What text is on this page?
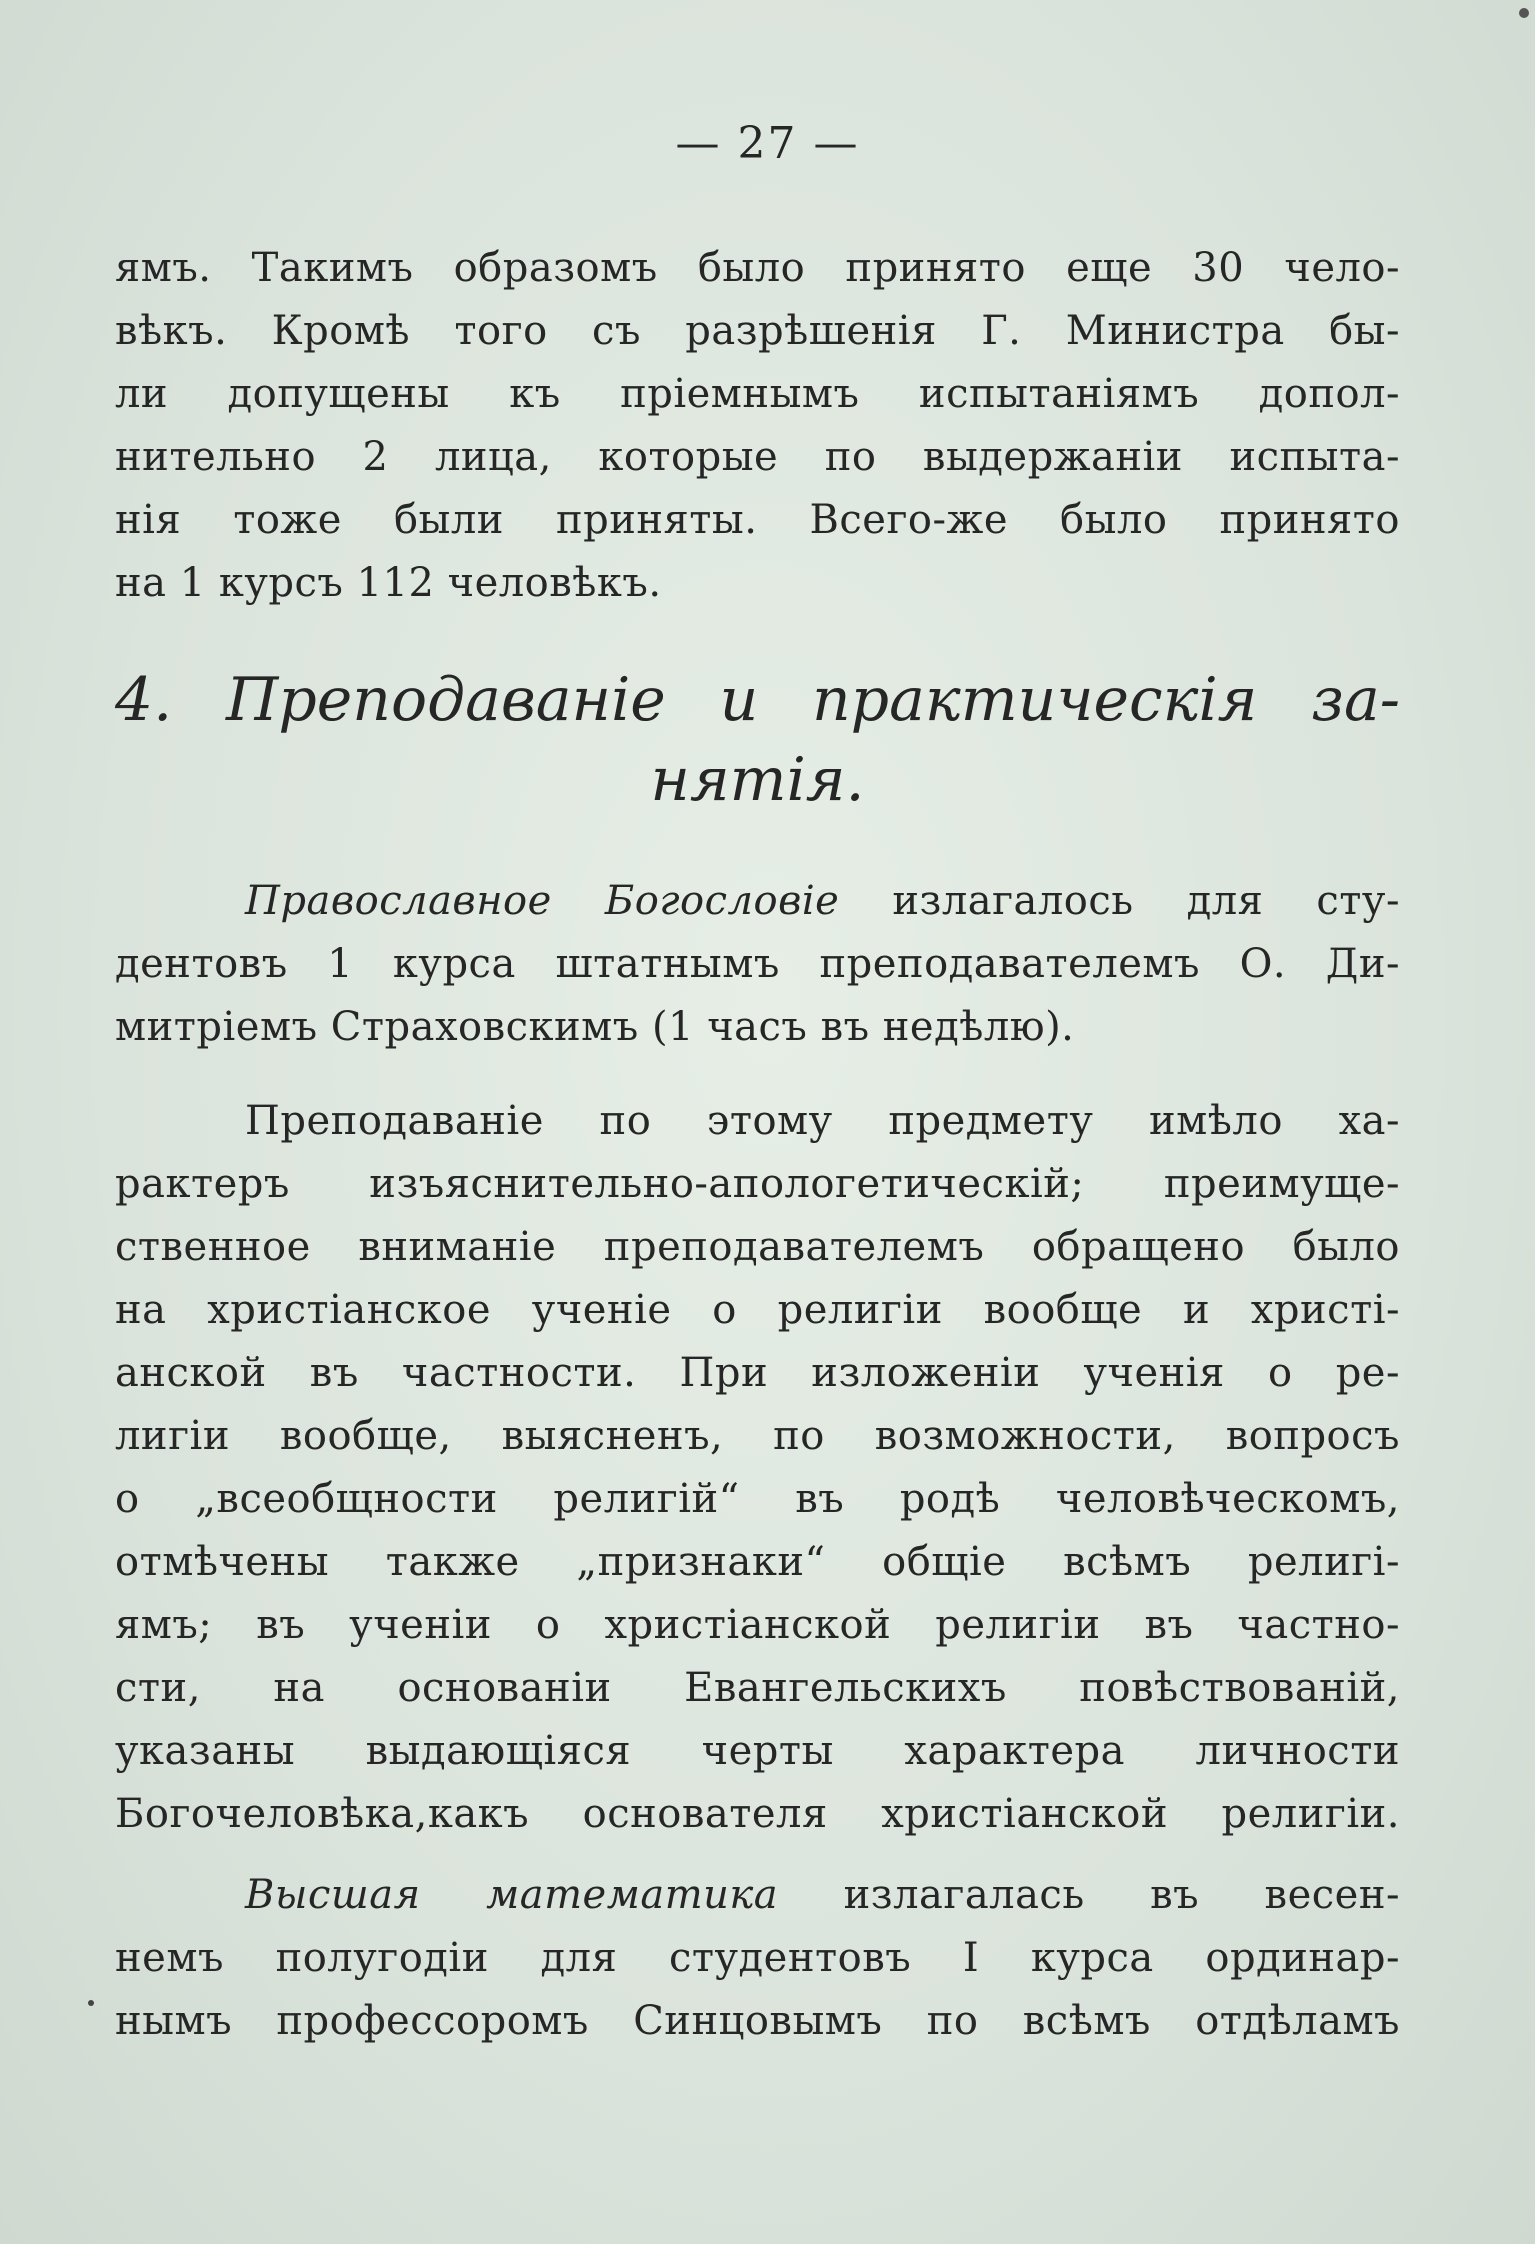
— 27 —
ямъ. Такимъ образомъ было принято еще 30 чело-
вѣкъ. Кромѣ того съ разрѣшенія Г. Министра бы-
ли допущены къ пріемнымъ испытаніямъ допол-
нительно 2 лица, которые по выдержаніи испыта-
нія тоже были приняты. Всего-же было принято
на 1 курсъ 112 человѣкъ.
4. Преподаваніе и практическія за-
нятія.
Православное Богословіе излагалось для сту-
дентовъ 1 курса штатнымъ преподавателемъ О. Ди-
митріемъ Страховскимъ (1 часъ въ недѣлю).
Преподаваніе по этому предмету имѣло ха-
рактеръ изъяснительно-апологетическій; преимуще-
ственное вниманіе преподавателемъ обращено было
на христіанское ученіе о религіи вообще и христі-
анской въ частности. При изложеніи ученія о ре-
лигіи вообще, выясненъ, по возможности, вопросъ
о „всеобщности религій“ въ родѣ человѣческомъ,
отмѣчены также „признаки“ общіе всѣмъ религі-
ямъ; въ ученіи о христіанской религіи въ частно-
сти, на основаніи Евангельскихъ повѣствованій,
указаны выдающіяся черты характера личности
Богочеловѣка,какъ основателя христіанской религіи.
Высшая математика излагалась въ весен-
немъ полугодіи для студентовъ I курса ординар-
нымъ профессоромъ Синцовымъ по всѣмъ отдѣламъ
